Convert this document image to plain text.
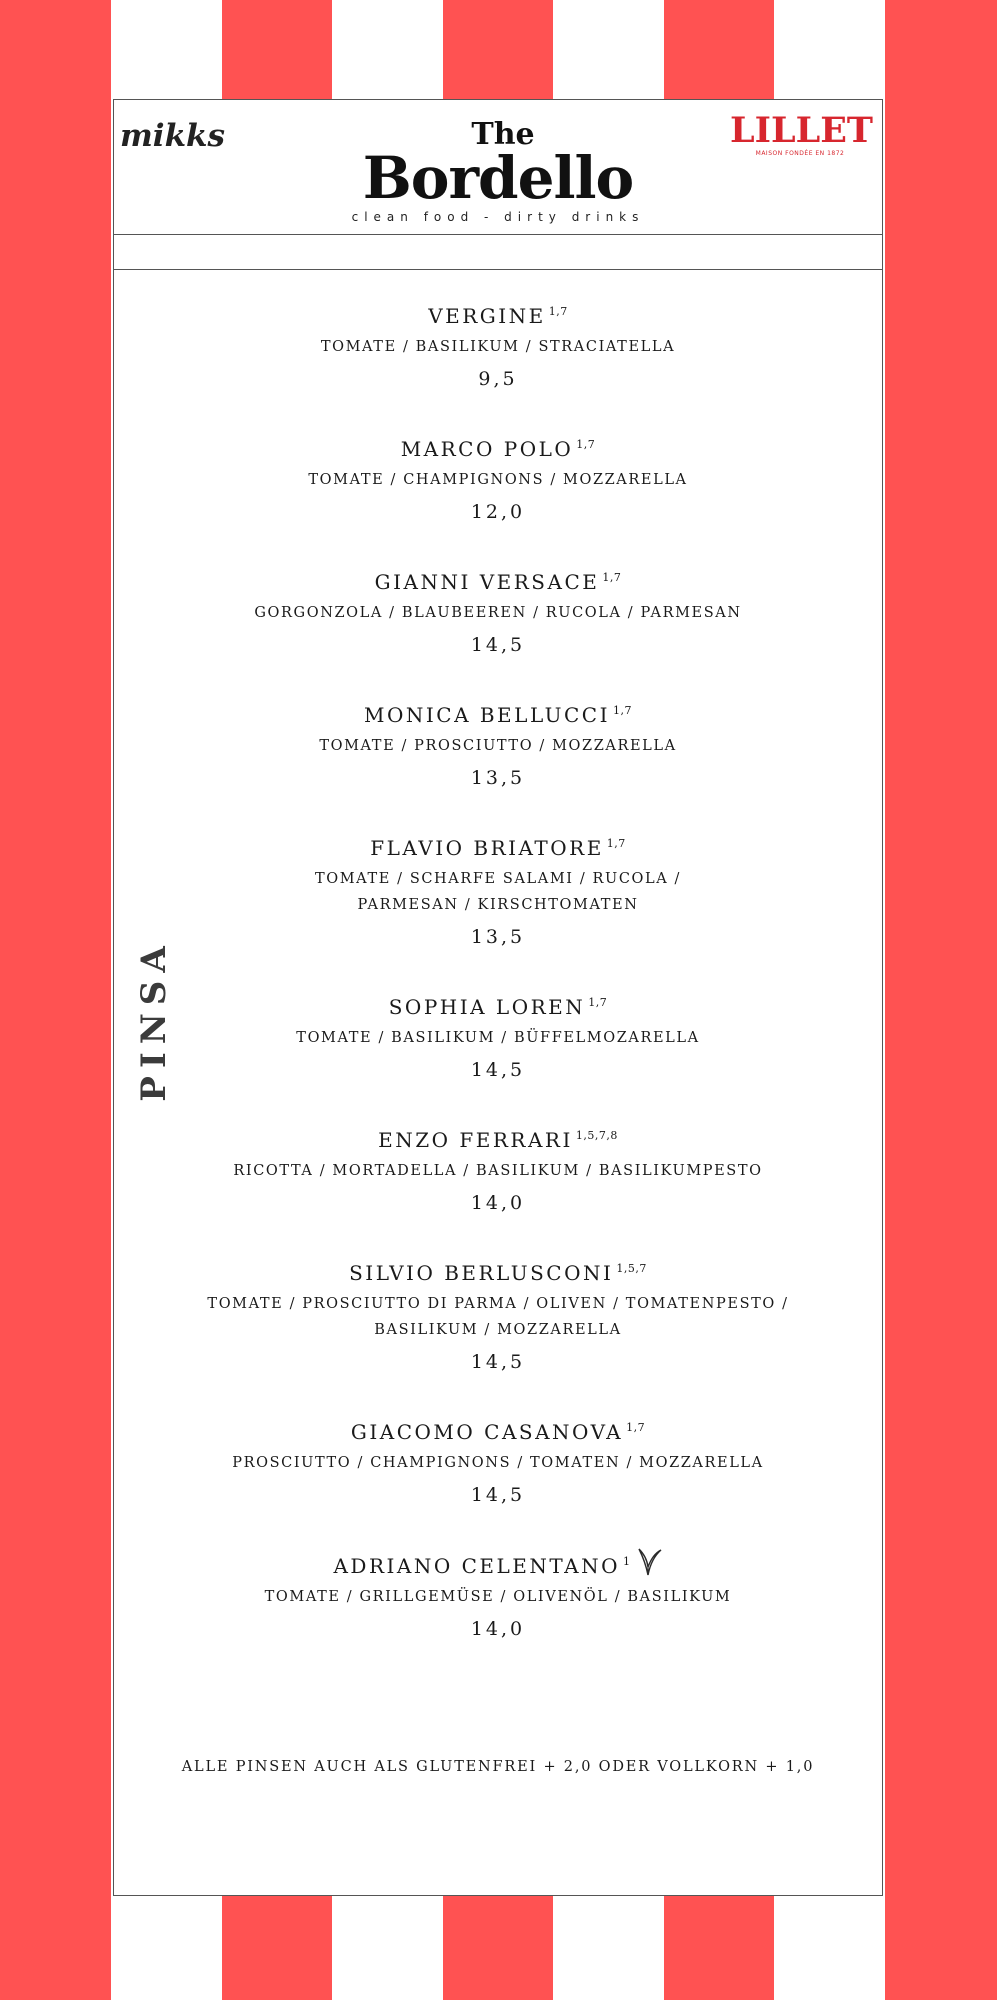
mikks	The
Bordello
clean food - dirty drinks
LILLET
MAISON FONDÉE EN 1872
PINSA
VERGINE $^{1,7}$
TOMATE / BASILIKUM / STRACIATELLA
9,5
MARCO POLO $^{1,7}$
TOMATE / CHAMPIGNONS / MOZZARELLA
12,0
GIANNI VERSACE $^{1,7}$
GORGONZOLA / BLAUBEEREN / RUCOLA / PARMESAN
14,5
MONICA BELLUCCI $^{1,7}$
TOMATE / PROSCIUTTO / MOZZARELLA
13,5
FLAVIO BRIATORE $^{1,7}$
TOMATE / SCHARFE SALAMI / RUCOLA /
PARMESAN / KIRSCHTOMATEN
13,5
SOPHIA LOREN $^{1,7}$
TOMATE / BASILIKUM / BÜFFELMOZARELLA
14,5
ENZO FERRARI $^{1,5,7,8}$
RICOTTA / MORTADELLA / BASILIKUM / BASILIKUMPESTO
14,0
SILVIO BERLUSCONI $^{1,5,7}$
TOMATE / PROSCIUTTO DI PARMA / OLIVEN / TOMATENPESTO /
BASILIKUM / MOZZARELLA
14,5
GIACOMO CASANOVA $^{1,7}$
PROSCIUTTO / CHAMPIGNONS / TOMATEN / MOZZARELLA
14,5
ADRIANO CELENTANO $^1$
TOMATE / GRILLGEMÜSE / OLIVENÖL / BASILIKUM
14,0
ALLE PINSEN AUCH ALS GLUTENFREI + 2,0 ODER VOLLKORN + 1,0
